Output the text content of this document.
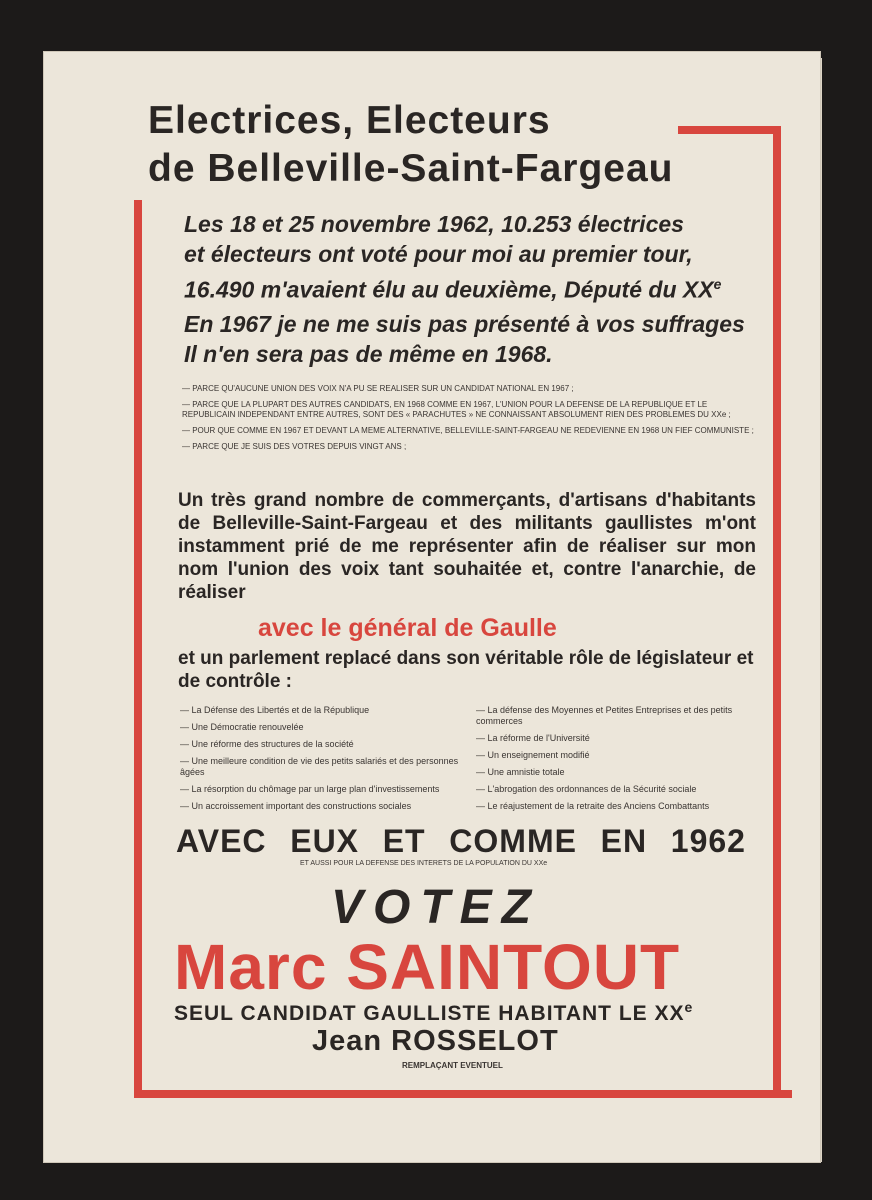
Electrices, Electeurs
de Belleville-Saint-Fargeau
Les 18 et 25 novembre 1962, 10.253 électrices
et électeurs ont voté pour moi au premier tour,
16.490 m'avaient élu au deuxième, Député du XXe
En 1967 je ne me suis pas présenté à vos suffrages
Il n'en sera pas de même en 1968.
— PARCE QU'AUCUNE UNION DES VOIX N'A PU SE REALISER SUR UN CANDIDAT NATIONAL EN 1967 ;
— PARCE QUE LA PLUPART DES AUTRES CANDIDATS, EN 1968 COMME EN 1967, L'UNION POUR LA DEFENSE DE LA REPUBLIQUE ET LE REPUBLICAIN INDEPENDANT ENTRE AUTRES, SONT DES « PARACHUTES » NE CONNAISSANT ABSOLUMENT RIEN DES PROBLEMES DU XXe ;
— POUR QUE COMME EN 1967 ET DEVANT LA MEME ALTERNATIVE, BELLEVILLE-SAINT-FARGEAU NE REDEVIENNE EN 1968 UN FIEF COMMUNISTE ;
— PARCE QUE JE SUIS DES VOTRES DEPUIS VINGT ANS ;
Un très grand nombre de commerçants, d'artisans d'habitants de Belleville-Saint-Fargeau et des militants gaullistes m'ont instamment prié de me représenter afin de réaliser sur mon nom l'union des voix tant souhaitée et, contre l'anarchie, de réaliser
avec le général de Gaulle
et un parlement replacé dans son véritable rôle de législateur et de contrôle :
— La Défense des Libertés et de la République
— Une Démocratie renouvelée
— Une réforme des structures de la société
— Une meilleure condition de vie des petits salariés et des personnes âgées
— La résorption du chômage par un large plan d'investissements
— Un accroissement important des constructions sociales
— La défense des Moyennes et Petites Entreprises et des petits commerces
— La réforme de l'Université
— Un enseignement modifié
— Une amnistie totale
— L'abrogation des ordonnances de la Sécurité sociale
— Le réajustement de la retraite des Anciens Combattants
AVEC EUX ET COMME EN 1962
ET AUSSI POUR LA DEFENSE DES INTERETS DE LA POPULATION DU XXe
VOTEZ
Marc SAINTOUT
SEUL CANDIDAT GAULLISTE HABITANT LE XXe
Jean ROSSELOT
REMPLAÇANT EVENTUEL
